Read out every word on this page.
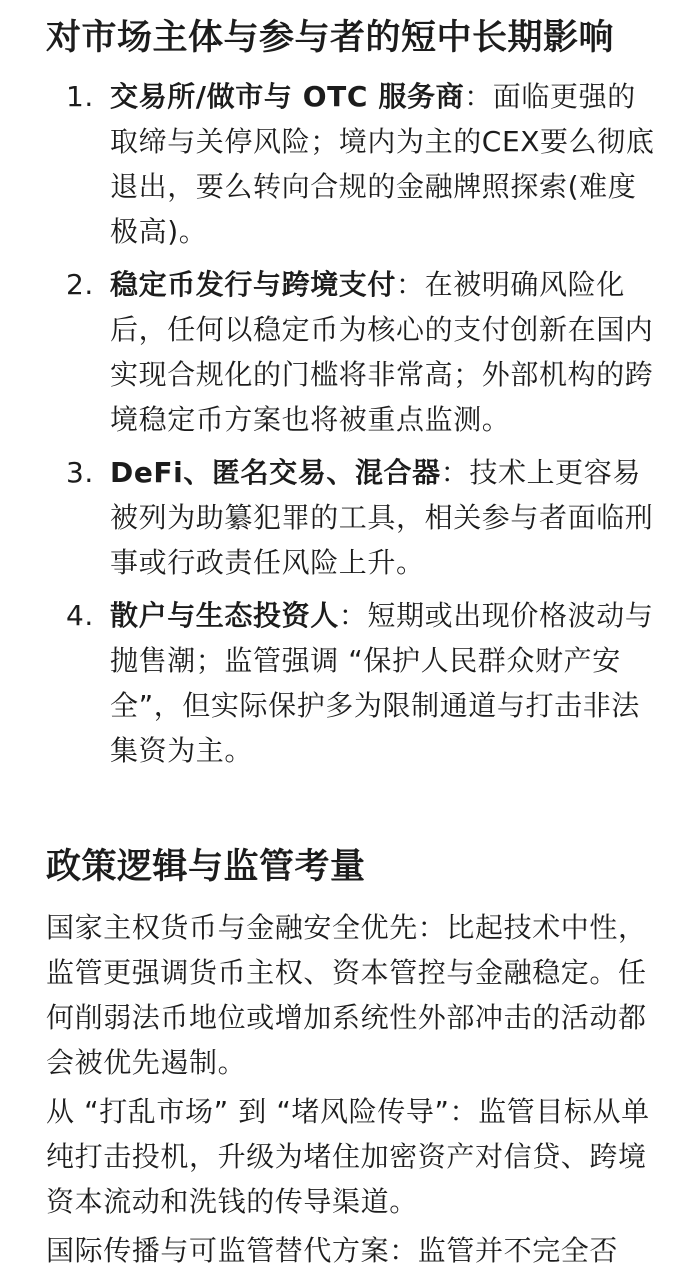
对市场主体与参与者的短中长期影响
1. 交易所/做市与 OTC 服务商：面临更强的取缔与关停风险；境内为主的CEX要么彻底退出，要么转向合规的金融牌照探索(难度极高)。
2. 稳定币发行与跨境支付：在被明确风险化后，任何以稳定币为核心的支付创新在国内实现合规化的门槛将非常高；外部机构的跨境稳定币方案也将被重点监测。
3. DeFi、匿名交易、混合器：技术上更容易被列为助纂犯罪的工具，相关参与者面临刑事或行政责任风险上升。
4. 散户与生态投资人：短期或出现价格波动与抛售潮；监管强调 “保护人民群众财产安全”，但实际保护多为限制通道与打击非法集资为主。
政策逻辑与监管考量

国家主权货币与金融安全优先：比起技术中性，监管更强调货币主权、资本管控与金融稳定。任何削弱法币地位或增加系统性外部冲击的活动都会被优先遏制。

从 “打乱市场” 到 “堵风险传导”：监管目标从单纯打击投机，升级为堵住加密资产对信贷、跨境资本流动和洗钱的传导渠道。

国际传播与可监管替代方案：监管并不完全否
